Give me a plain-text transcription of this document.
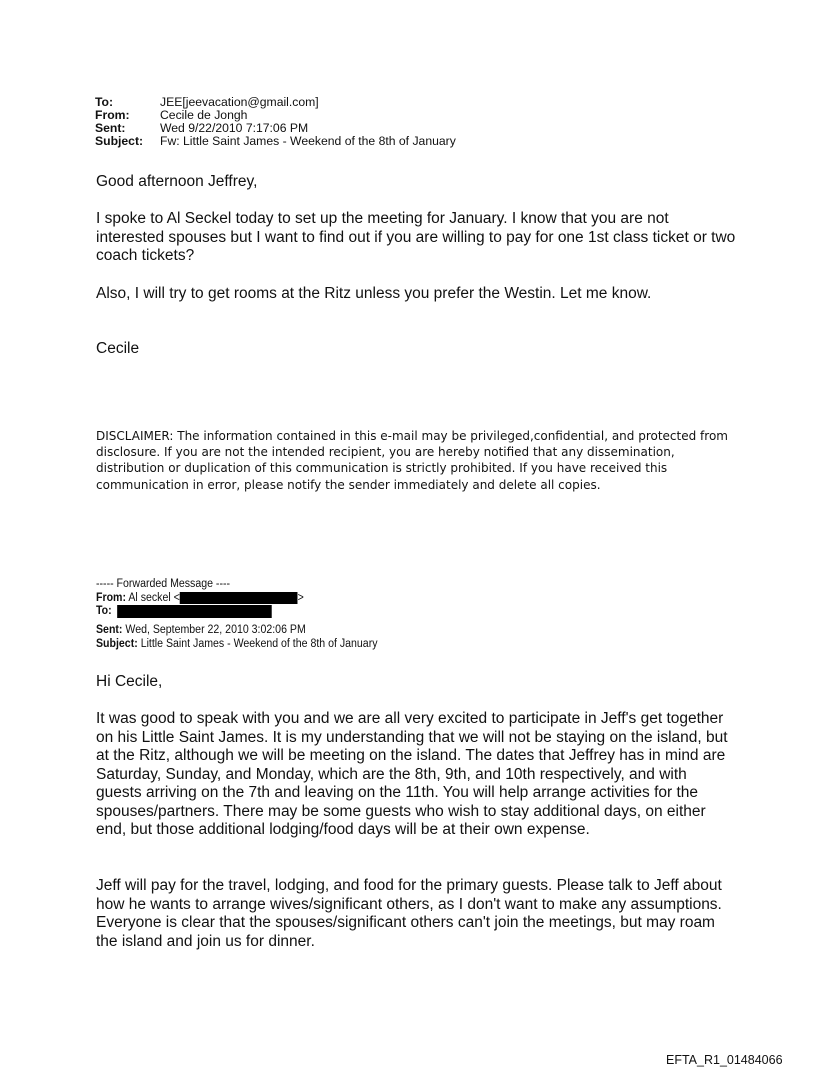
To:	JEE[jeevacation@gmail.com]
From: Cecile de Jongh
Sent:	Wed 9/22/2010 7:17:06 PM
Subject: Fw: Little Saint James - Weekend of the 8th of January

Good afternoon Jeffrey,

I spoke to Al Seckel today to set up the meeting for January. I know that you are not interested spouses but I want to find out if you are willing to pay for one 1st class ticket or two coach tickets?

Also, I will try to get rooms at the Ritz unless you prefer the Westin. Let me know.

Cecile

DISCLAIMER: The information contained in this e-mail may be privileged,confidential, and protected from disclosure. If you are not the intended recipient, you are hereby notified that any dissemination, distribution or duplication of this communication is strictly prohibited. If you have received this communication in error, please notify the sender immediately and delete all copies.

----- Forwarded Message ----
From: Al seckel <	>
To:
Sent: Wed, September 22, 2010 3:02:06 PM
Subject: Little Saint James - Weekend of the 8th of January

Hi Cecile,

It was good to speak with you and we are all very excited to participate in Jeff's get together on his Little Saint James. It is my understanding that we will not be staying on the island, but at the Ritz, although we will be meeting on the island. The dates that Jeffrey has in mind are Saturday, Sunday, and Monday, which are the 8th, 9th, and 10th respectively, and with guests arriving on the 7th and leaving on the 11th. You will help arrange activities for the spouses/partners. There may be some guests who wish to stay additional days, on either end, but those additional lodging/food days will be at their own expense.

Jeff will pay for the travel, lodging, and food for the primary guests. Please talk to Jeff about how he wants to arrange wives/significant others, as I don't want to make any assumptions. Everyone is clear that the spouses/significant others can't join the meetings, but may roam the island and join us for dinner.

EFTA_R1_01484066
